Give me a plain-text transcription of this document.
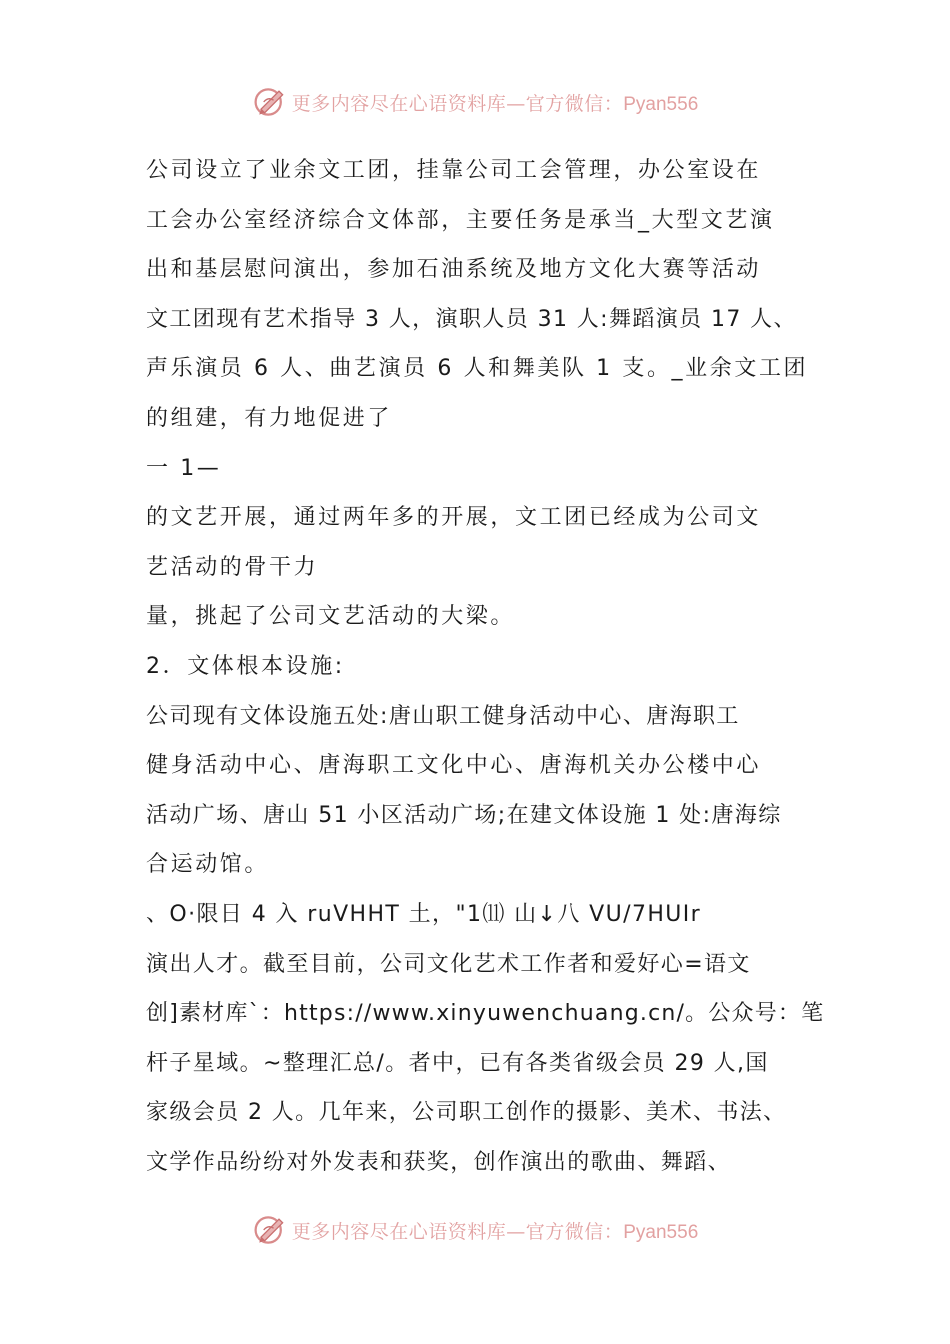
更多内容尽在心语资料库—官方微信：Pyan556
公司设立了业余文工团，挂靠公司工会管理，办公室设在
工会办公室经济综合文体部，主要任务是承当_大型文艺演
出和基层慰问演出，参加石油系统及地方文化大赛等活动
文工团现有艺术指导 3 人，演职人员 31 人:舞蹈演员 17 人、
声乐演员 6 人、曲艺演员 6 人和舞美队 1 支。_业余文工团
的组建，有力地促进了
一 1—
的文艺开展，通过两年多的开展，文工团已经成为公司文
艺活动的骨干力
量，挑起了公司文艺活动的大梁。
2．文体根本设施:
公司现有文体设施五处:唐山职工健身活动中心、唐海职工
健身活动中心、唐海职工文化中心、唐海机关办公楼中心
活动广场、唐山 51 小区活动广场;在建文体设施 1 处:唐海综
合运动馆。
、O·限日 4 入 ruVHHT 土，"1⑾ 山↓八 VU/7HUIr
演出人才。截至目前，公司文化艺术工作者和爱好心=语文
创]素材库`：https://www.xinyuwenchuang.cn/。公众号：笔
杆子星域。~整理汇总/。者中，已有各类省级会员 29 人,国
家级会员 2 人。几年来，公司职工创作的摄影、美术、书法、
文学作品纷纷对外发表和获奖，创作演出的歌曲、舞蹈、
更多内容尽在心语资料库—官方微信：Pyan556
